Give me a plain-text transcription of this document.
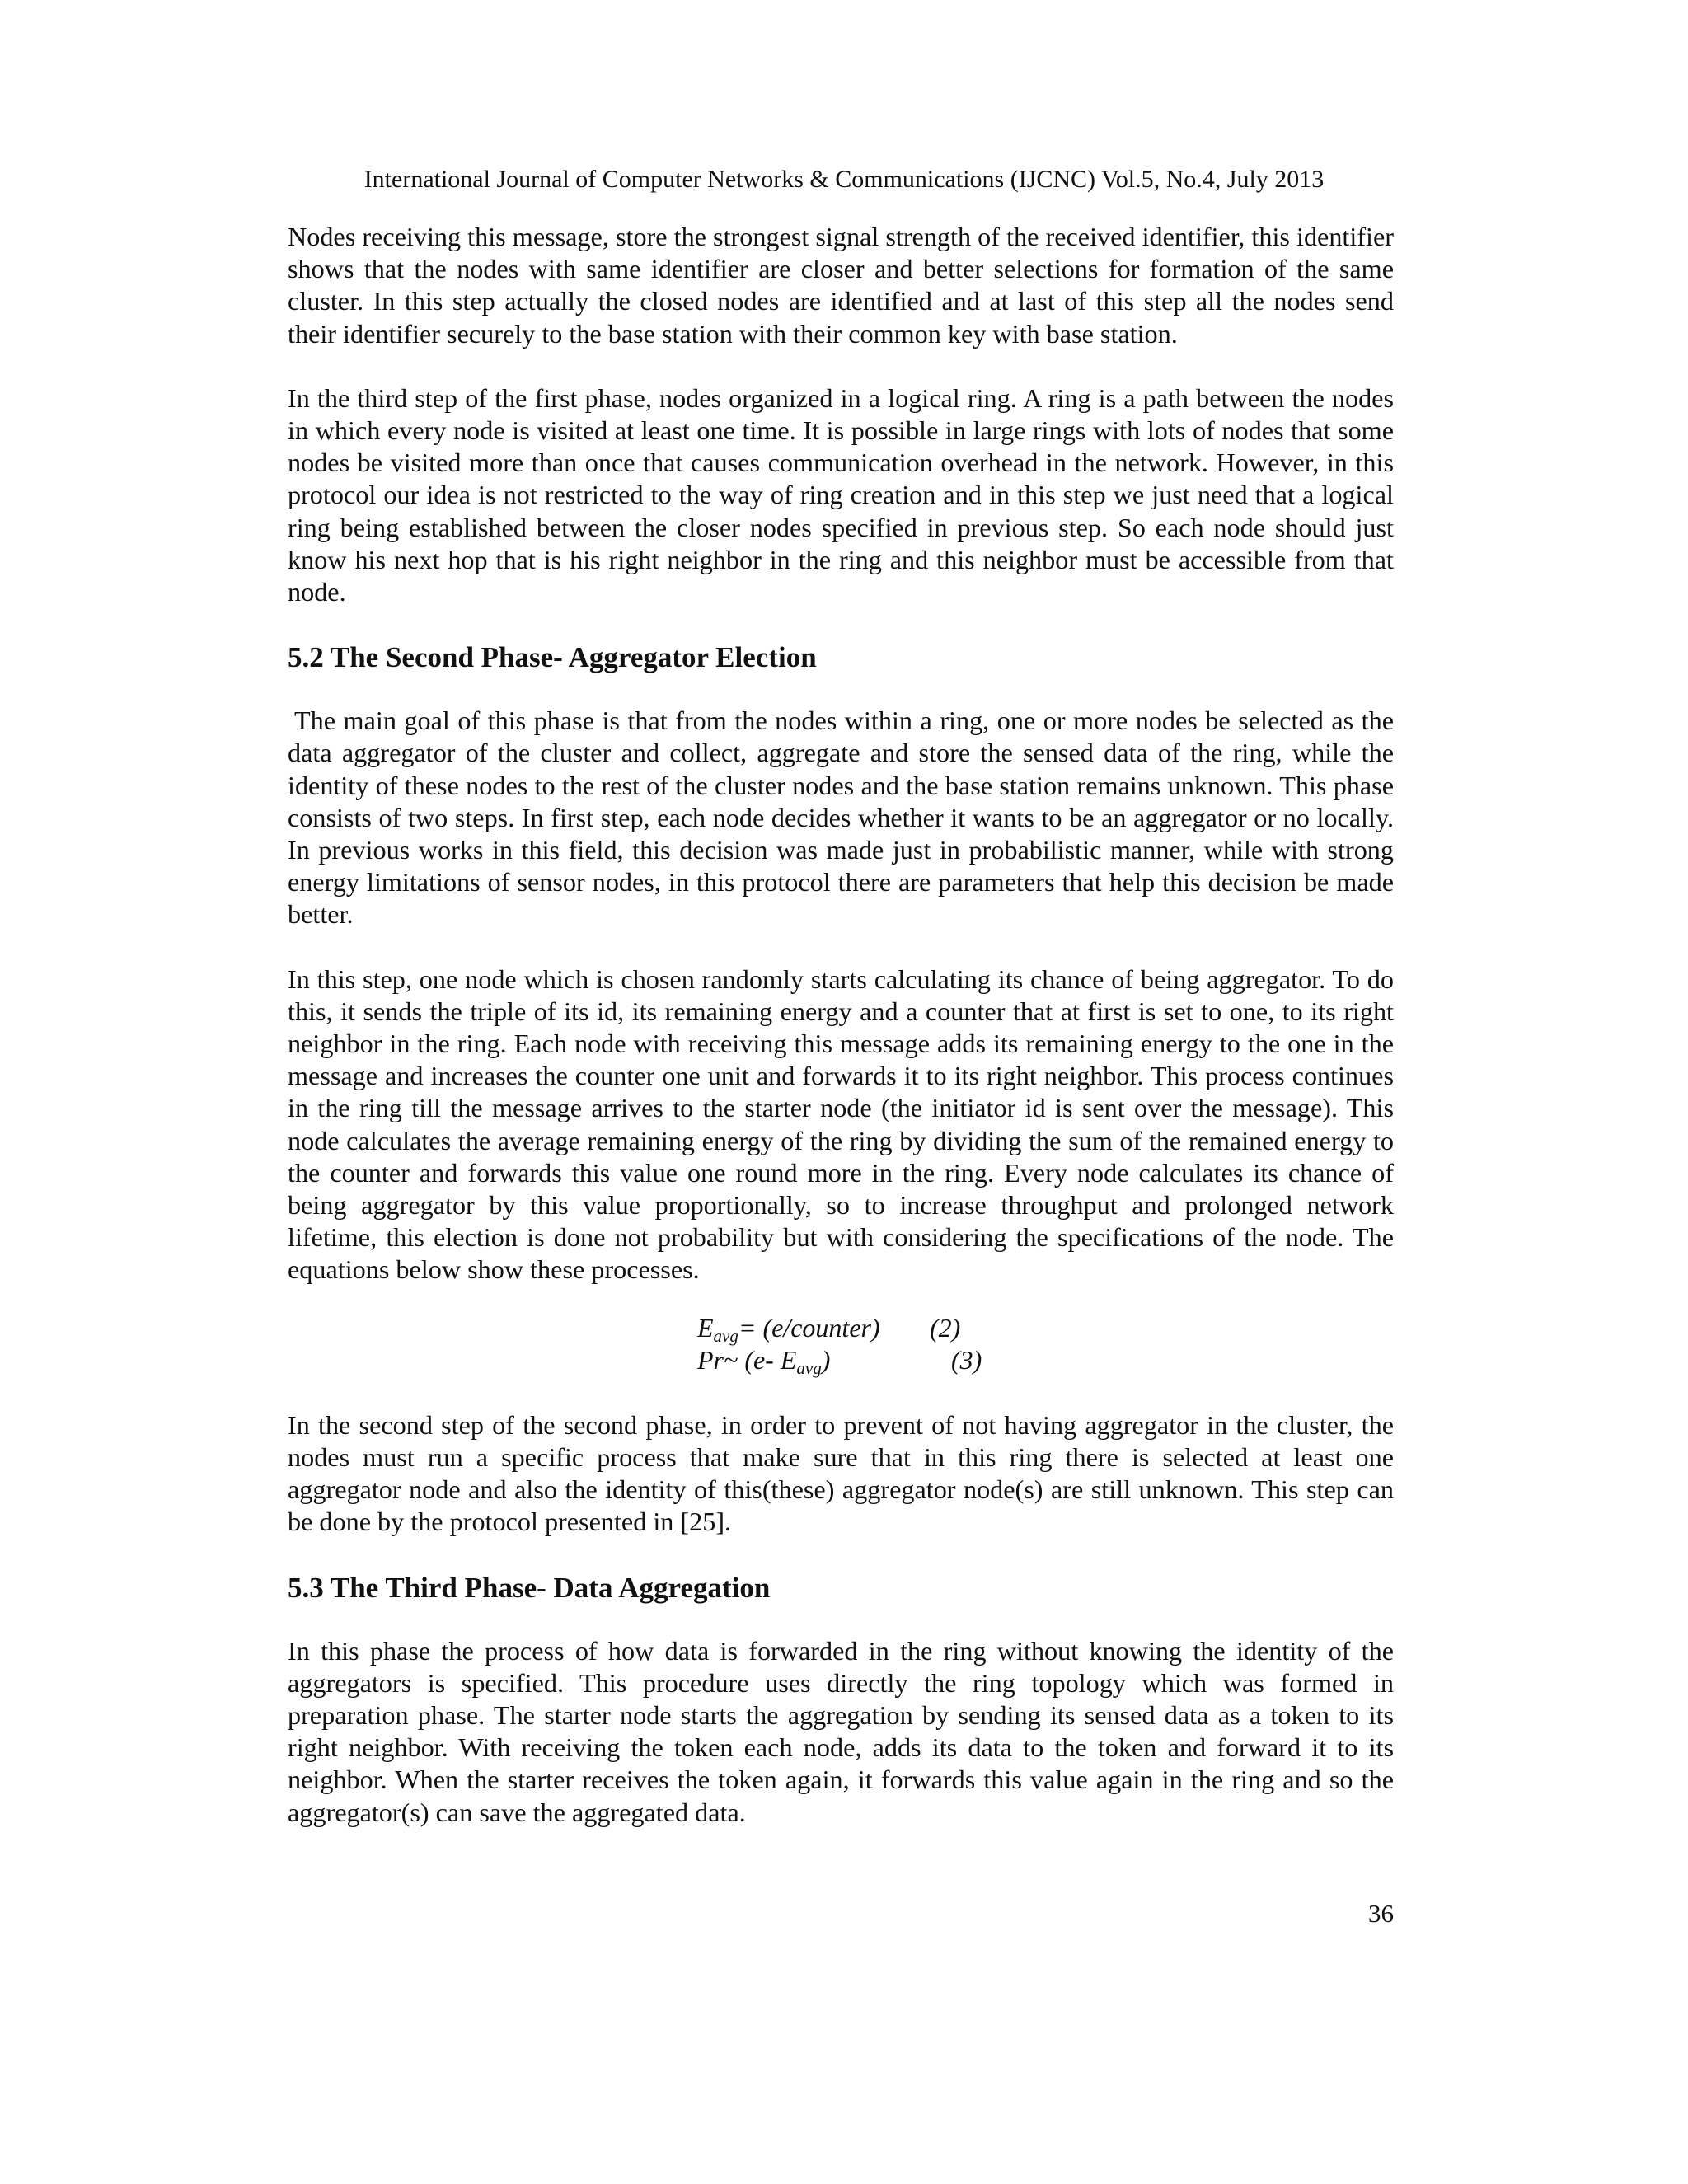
International Journal of Computer Networks & Communications (IJCNC) Vol.5, No.4, July 2013

Nodes receiving this message, store the strongest signal strength of the received identifier, this identifier shows that the nodes with same identifier are closer and better selections for formation of the same cluster. In this step actually the closed nodes are identified and at last of this step all the nodes send their identifier securely to the base station with their common key with base station.

In the third step of the first phase, nodes organized in a logical ring. A ring is a path between the nodes in which every node is visited at least one time. It is possible in large rings with lots of nodes that some nodes be visited more than once that causes communication overhead in the network. However, in this protocol our idea is not restricted to the way of ring creation and in this step we just need that a logical ring being established between the closer nodes specified in previous step. So each node should just know his next hop that is his right neighbor in the ring and this neighbor must be accessible from that node.

5.2 The Second Phase- Aggregator Election

The main goal of this phase is that from the nodes within a ring, one or more nodes be selected as the data aggregator of the cluster and collect, aggregate and store the sensed data of the ring, while the identity of these nodes to the rest of the cluster nodes and the base station remains unknown. This phase consists of two steps. In first step, each node decides whether it wants to be an aggregator or no locally. In previous works in this field, this decision was made just in probabilistic manner, while with strong energy limitations of sensor nodes, in this protocol there are parameters that help this decision be made better.

In this step, one node which is chosen randomly starts calculating its chance of being aggregator. To do this, it sends the triple of its id, its remaining energy and a counter that at first is set to one, to its right neighbor in the ring. Each node with receiving this message adds its remaining energy to the one in the message and increases the counter one unit and forwards it to its right neighbor. This process continues in the ring till the message arrives to the starter node (the initiator id is sent over the message). This node calculates the average remaining energy of the ring by dividing the sum of the remained energy to the counter and forwards this value one round more in the ring. Every node calculates its chance of being aggregator by this value proportionally, so to increase throughput and prolonged network lifetime, this election is done not probability but with considering the specifications of the node. The equations below show these processes.

$E_{avg}=$ (e/counter)	(2)
Pr~ (e- $E_{avg}$)	(3)

In the second step of the second phase, in order to prevent of not having aggregator in the cluster, the nodes must run a specific process that make sure that in this ring there is selected at least one aggregator node and also the identity of this(these) aggregator node(s) are still unknown. This step can be done by the protocol presented in [25].

5.3 The Third Phase- Data Aggregation

In this phase the process of how data is forwarded in the ring without knowing the identity of the aggregators is specified. This procedure uses directly the ring topology which was formed in preparation phase. The starter node starts the aggregation by sending its sensed data as a token to its right neighbor. With receiving the token each node, adds its data to the token and forward it to its neighbor. When the starter receives the token again, it forwards this value again in the ring and so the aggregator(s) can save the aggregated data.

36
